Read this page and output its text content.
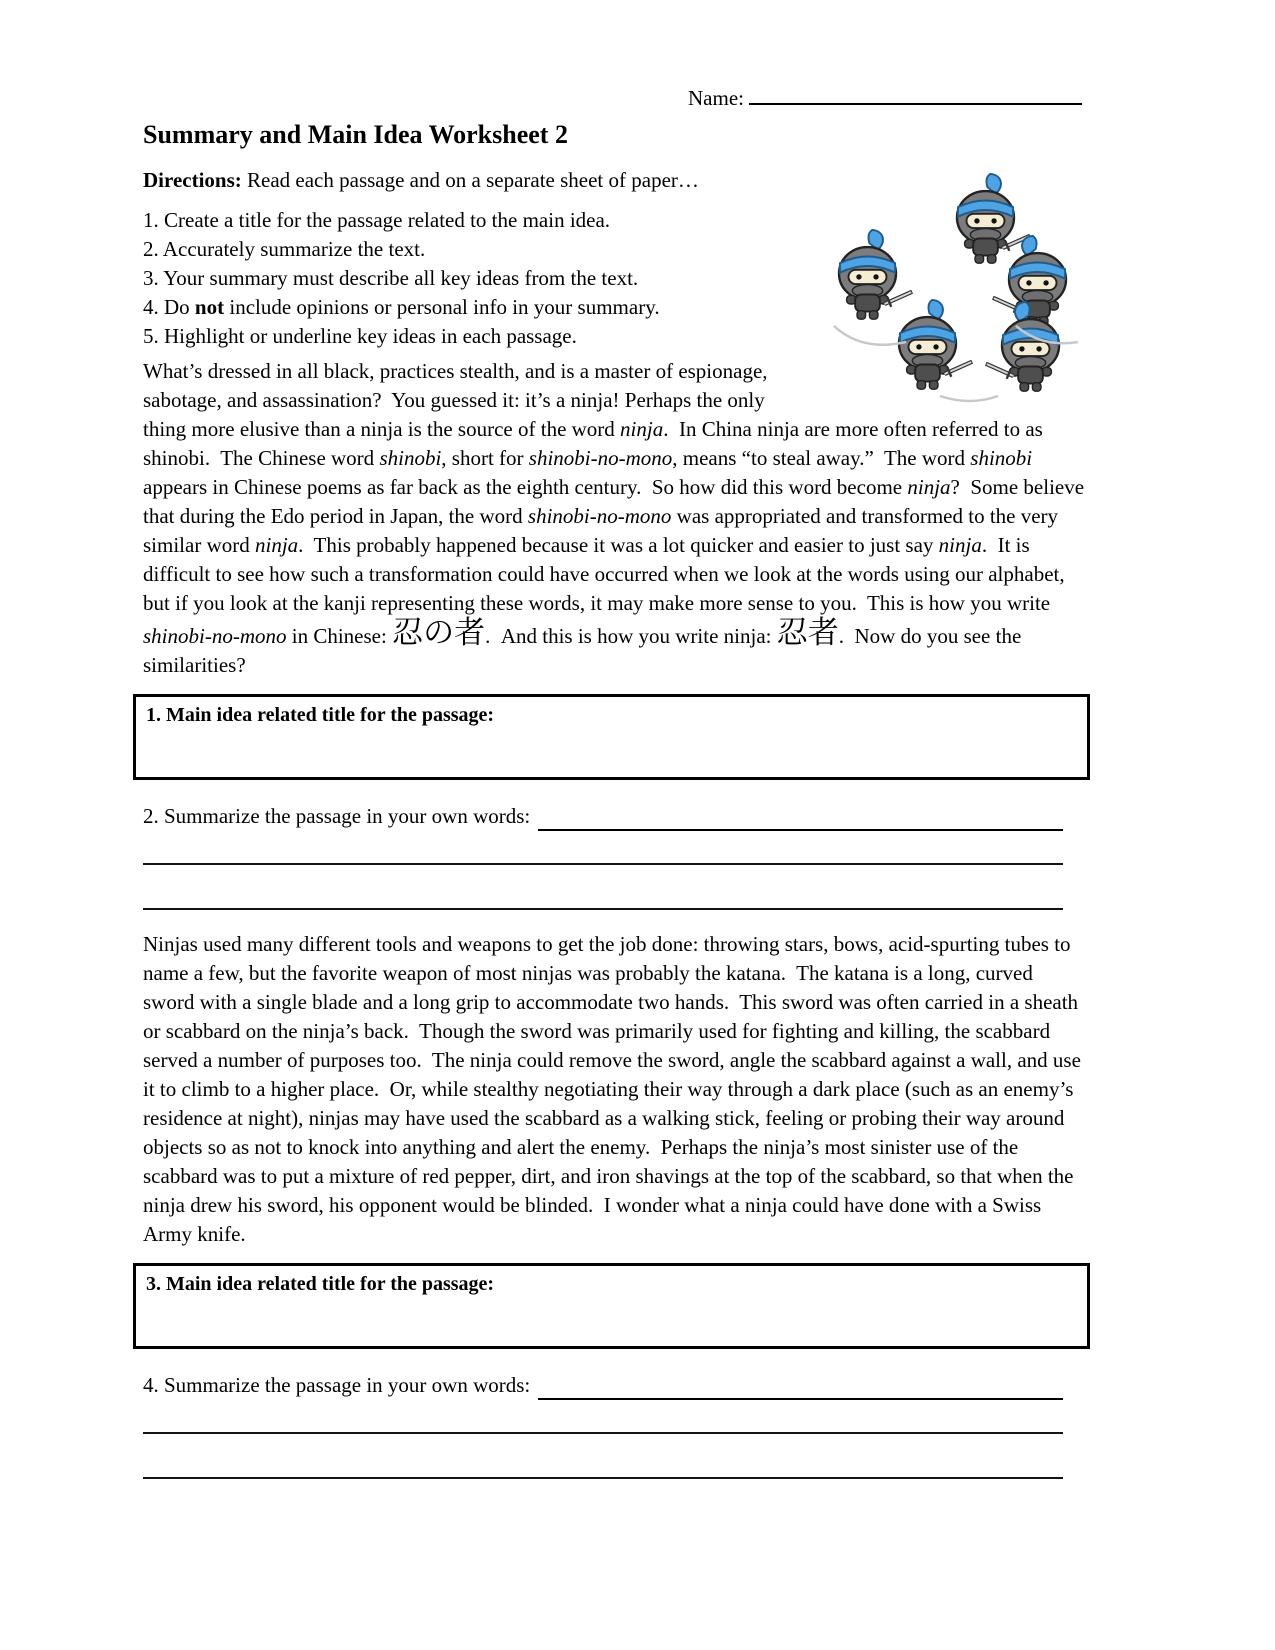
Name:
Summary and Main Idea Worksheet 2
Directions: Read each passage and on a separate sheet of paper…
1. Create a title for the passage related to the main idea.
2. Accurately summarize the text.
3. Your summary must describe all key ideas from the text.
4. Do not include opinions or personal info in your summary.
5. Highlight or underline key ideas in each passage.
What’s dressed in all black, practices stealth, and is a master of espionage, sabotage, and assassination?  You guessed it: it’s a ninja! Perhaps the only thing more elusive than a ninja is the source of the word ninja.  In China ninja are more often referred to as shinobi.  The Chinese word shinobi, short for shinobi-no-mono, means “to steal away.”  The word shinobi appears in Chinese poems as far back as the eighth century.  So how did this word become ninja?  Some believe that during the Edo period in Japan, the word shinobi-no-mono was appropriated and transformed to the very similar word ninja.  This probably happened because it was a lot quicker and easier to just say ninja.  It is difficult to see how such a transformation could have occurred when we look at the words using our alphabet, but if you look at the kanji representing these words, it may make more sense to you.  This is how you write shinobi-no-mono in Chinese: 忍の者.  And this is how you write ninja: 忍者.  Now do you see the similarities?
1. Main idea related title for the passage:
2. Summarize the passage in your own words:
Ninjas used many different tools and weapons to get the job done: throwing stars, bows, acid-spurting tubes to name a few, but the favorite weapon of most ninjas was probably the katana.  The katana is a long, curved sword with a single blade and a long grip to accommodate two hands.  This sword was often carried in a sheath or scabbard on the ninja’s back.  Though the sword was primarily used for fighting and killing, the scabbard served a number of purposes too.  The ninja could remove the sword, angle the scabbard against a wall, and use it to climb to a higher place.  Or, while stealthy negotiating their way through a dark place (such as an enemy’s residence at night), ninjas may have used the scabbard as a walking stick, feeling or probing their way around objects so as not to knock into anything and alert the enemy.  Perhaps the ninja’s most sinister use of the scabbard was to put a mixture of red pepper, dirt, and iron shavings at the top of the scabbard, so that when the ninja drew his sword, his opponent would be blinded.  I wonder what a ninja could have done with a Swiss Army knife.
3. Main idea related title for the passage:
4. Summarize the passage in your own words:
